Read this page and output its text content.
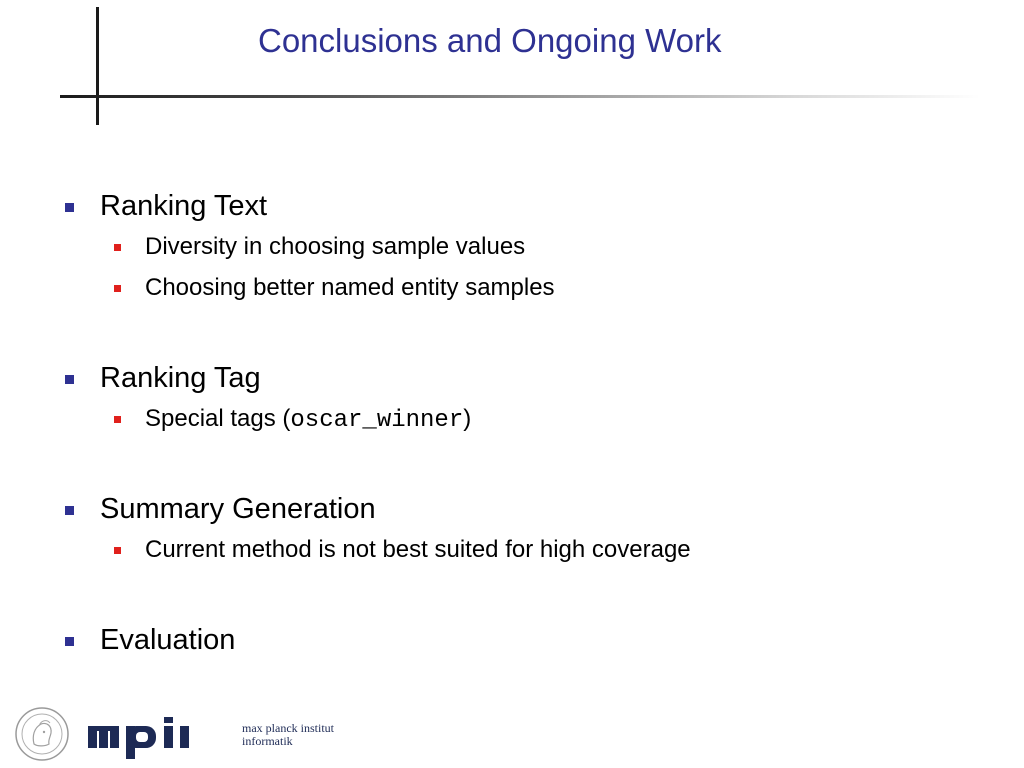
Conclusions and Ongoing Work
Ranking Text
Diversity in choosing sample values
Choosing better named entity samples
Ranking Tag
Special tags (oscar_winner)
Summary Generation
Current method is not best suited for high coverage
Evaluation
max planck institut
informatik
